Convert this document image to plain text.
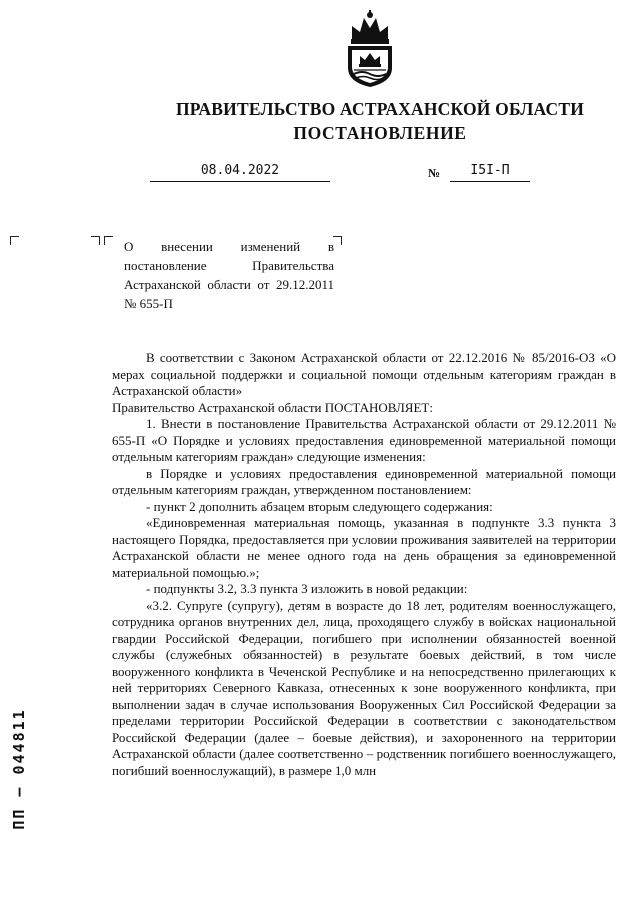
ПРАВИТЕЛЬСТВО АСТРАХАНСКОЙ ОБЛАСТИ
ПОСТАНОВЛЕНИЕ
08.04.2022	№	I5I-П
О внесении изменений в постановление Правительства Астраханской области от 29.12.2011 № 655-П

В соответствии с Законом Астраханской области от 22.12.2016 № 85/2016-ОЗ «О мерах социальной поддержки и социальной помощи отдельным категориям граждан в Астраханской области»

Правительство Астраханской области ПОСТАНОВЛЯЕТ:

1. Внести в постановление Правительства Астраханской области от 29.12.2011 № 655-П «О Порядке и условиях предоставления единовременной материальной помощи отдельным категориям граждан» следующие изменения:

в Порядке и условиях предоставления единовременной материальной помощи отдельным категориям граждан, утвержденном постановлением:

- пункт 2 дополнить абзацем вторым следующего содержания:

«Единовременная материальная помощь, указанная в подпункте 3.3 пункта 3 настоящего Порядка, предоставляется при условии проживания заявителей на территории Астраханской области не менее одного года на день обращения за единовременной материальной помощью.»;

- подпункты 3.2, 3.3 пункта 3 изложить в новой редакции:

«3.2. Супруге (супругу), детям в возрасте до 18 лет, родителям военнослужащего, сотрудника органов внутренних дел, лица, проходящего службу в войсках национальной гвардии Российской Федерации, погибшего при исполнении обязанностей военной службы (служебных обязанностей) в результате боевых действий, в том числе вооруженного конфликта в Чеченской Республике и на непосредственно прилегающих к ней территориях Северного Кавказа, отнесенных к зоне вооруженного конфликта, при выполнении задач в случае использования Вооруженных Сил Российской Федерации за пределами территории Российской Федерации в соответствии с законодательством Российской Федерации (далее – боевые действия), и захороненного на территории Астраханской области (далее соответственно – родственник погибшего военнослужащего, погибший военнослужащий), в размере 1,0 млн

ПП – 044811
